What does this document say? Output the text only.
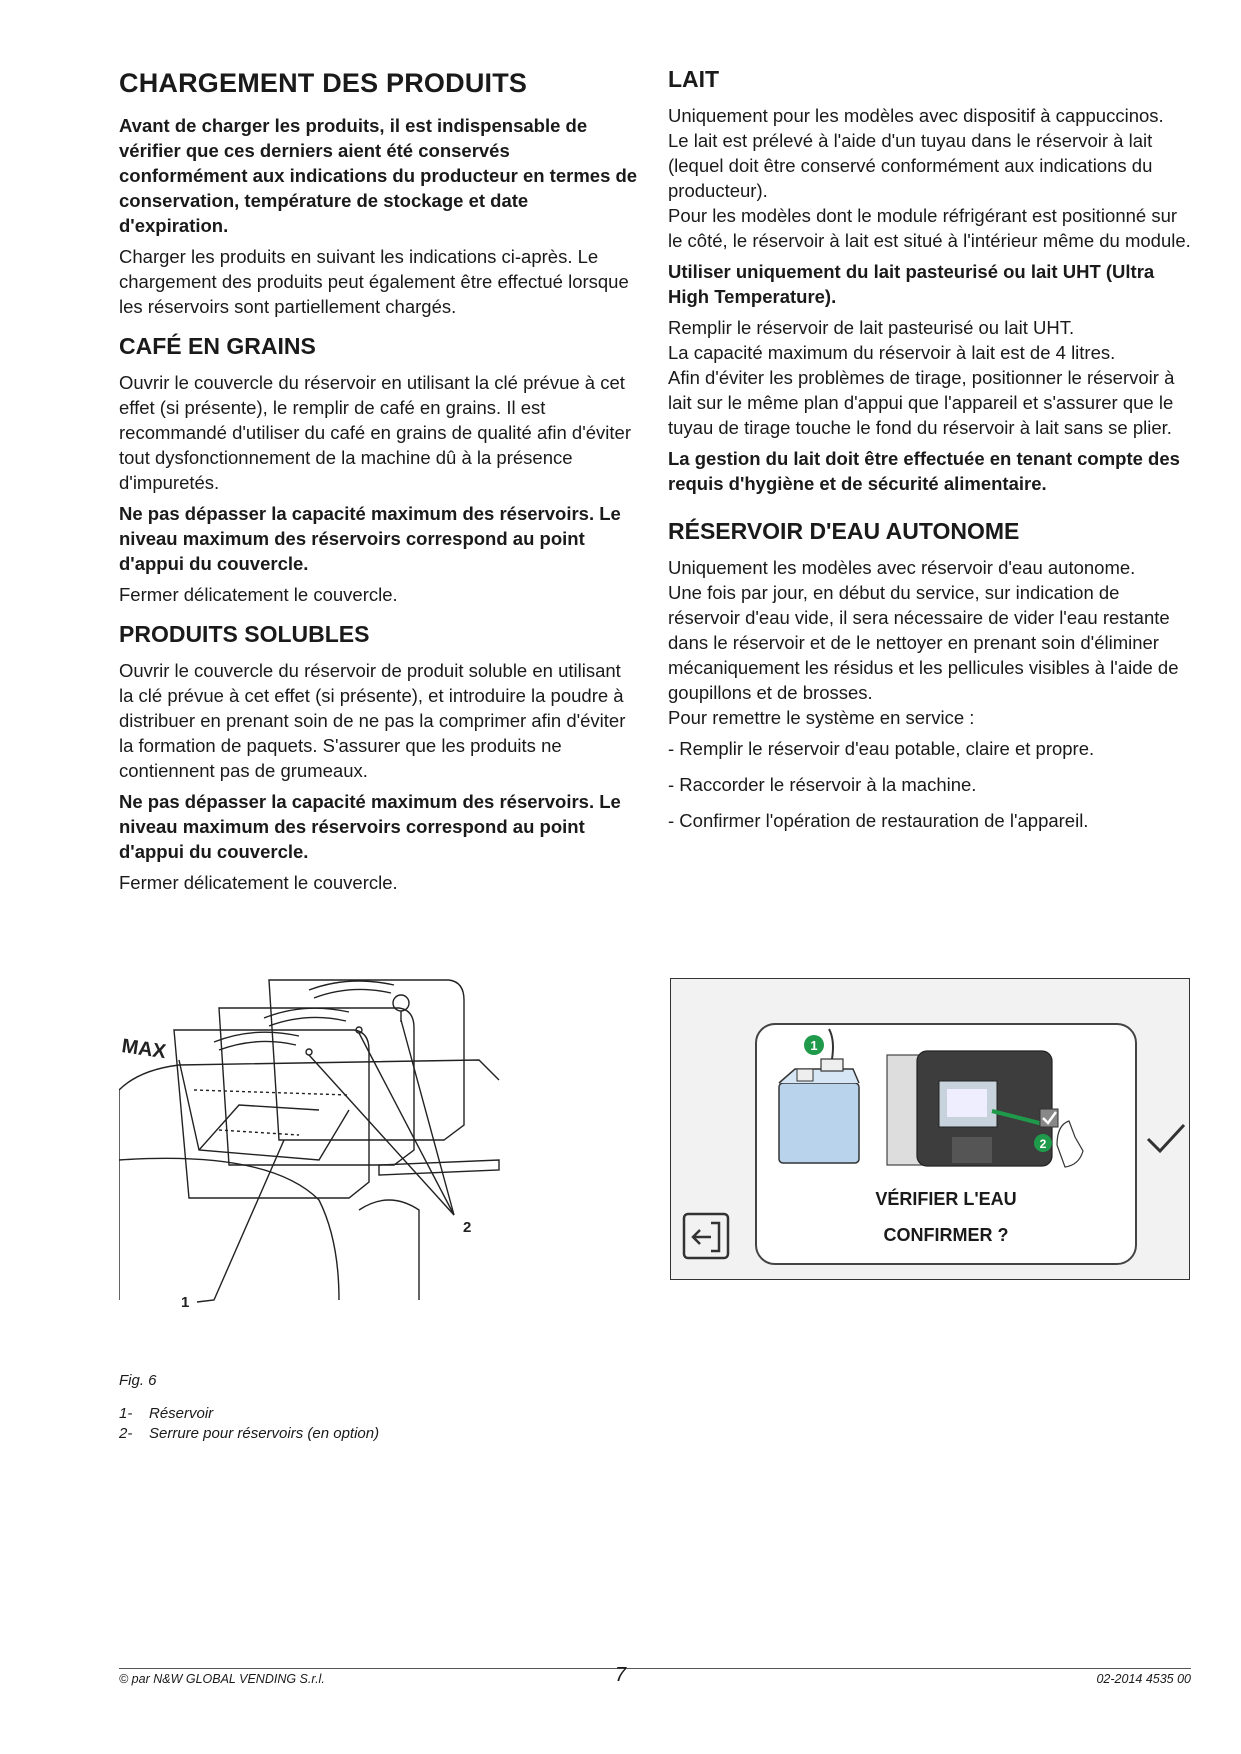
CHARGEMENT DES PRODUITS

Avant de charger les produits, il est indispensable de vérifier que ces derniers aient été conservés conformément aux indications du producteur en termes de conservation, température de stockage et date d'expiration.

Charger les produits en suivant les indications ci-après. Le chargement des produits peut également être effectué lorsque les réservoirs sont partiellement chargés.

CAFÉ EN GRAINS

Ouvrir le couvercle du réservoir en utilisant la clé prévue à cet effet (si présente), le remplir de café en grains. Il est recommandé d'utiliser du café en grains de qualité afin d'éviter tout dysfonctionnement de la machine dû à la présence d'impuretés.

Ne pas dépasser la capacité maximum des réservoirs. Le niveau maximum des réservoirs correspond au point d'appui du couvercle.

Fermer délicatement le couvercle.

PRODUITS SOLUBLES

Ouvrir le couvercle du réservoir de produit soluble en utilisant la clé prévue à cet effet (si présente), et introduire la poudre à distribuer en prenant soin de ne pas la comprimer afin d'éviter la formation de paquets. S'assurer que les produits ne contiennent pas de grumeaux.

Ne pas dépasser la capacité maximum des réservoirs. Le niveau maximum des réservoirs correspond au point d'appui du couvercle.

Fermer délicatement le couvercle.

MAX
2
1
Fig. 6
1- Réservoir
2- Serrure pour réservoirs (en option)
LAIT

Uniquement pour les modèles avec dispositif à cappuccinos.

Le lait est prélevé à l'aide d'un tuyau dans le réservoir à lait (lequel doit être conservé conformément aux indications du producteur).

Pour les modèles dont le module réfrigérant est positionné sur le côté, le réservoir à lait est situé à l'intérieur même du module.

Utiliser uniquement du lait pasteurisé ou lait UHT (Ultra High Temperature).

Remplir le réservoir de lait pasteurisé ou lait UHT.

La capacité maximum du réservoir à lait est de 4 litres.

Afin d'éviter les problèmes de tirage, positionner le réservoir à lait sur le même plan d'appui que l'appareil et s'assurer que le tuyau de tirage touche le fond du réservoir à lait sans se plier.

La gestion du lait doit être effectuée en tenant compte des requis d'hygiène et de sécurité alimentaire.

RÉSERVOIR D'EAU AUTONOME

Uniquement les modèles avec réservoir d'eau autonome.

Une fois par jour, en début du service, sur indication de réservoir d'eau vide, il sera nécessaire de vider l'eau restante dans le réservoir et de le nettoyer en prenant soin d'éliminer mécaniquement les résidus et les pellicules visibles à l'aide de goupillons et de brosses.

Pour remettre le système en service :

- Remplir le réservoir d'eau potable, claire et propre.

- Raccorder le réservoir à la machine.

- Confirmer l'opération de restauration de l'appareil.

1
2
VÉRIFIER L'EAU
CONFIRMER ?
© par N&W GLOBAL VENDING S.r.l.	7	02-2014 4535 00
